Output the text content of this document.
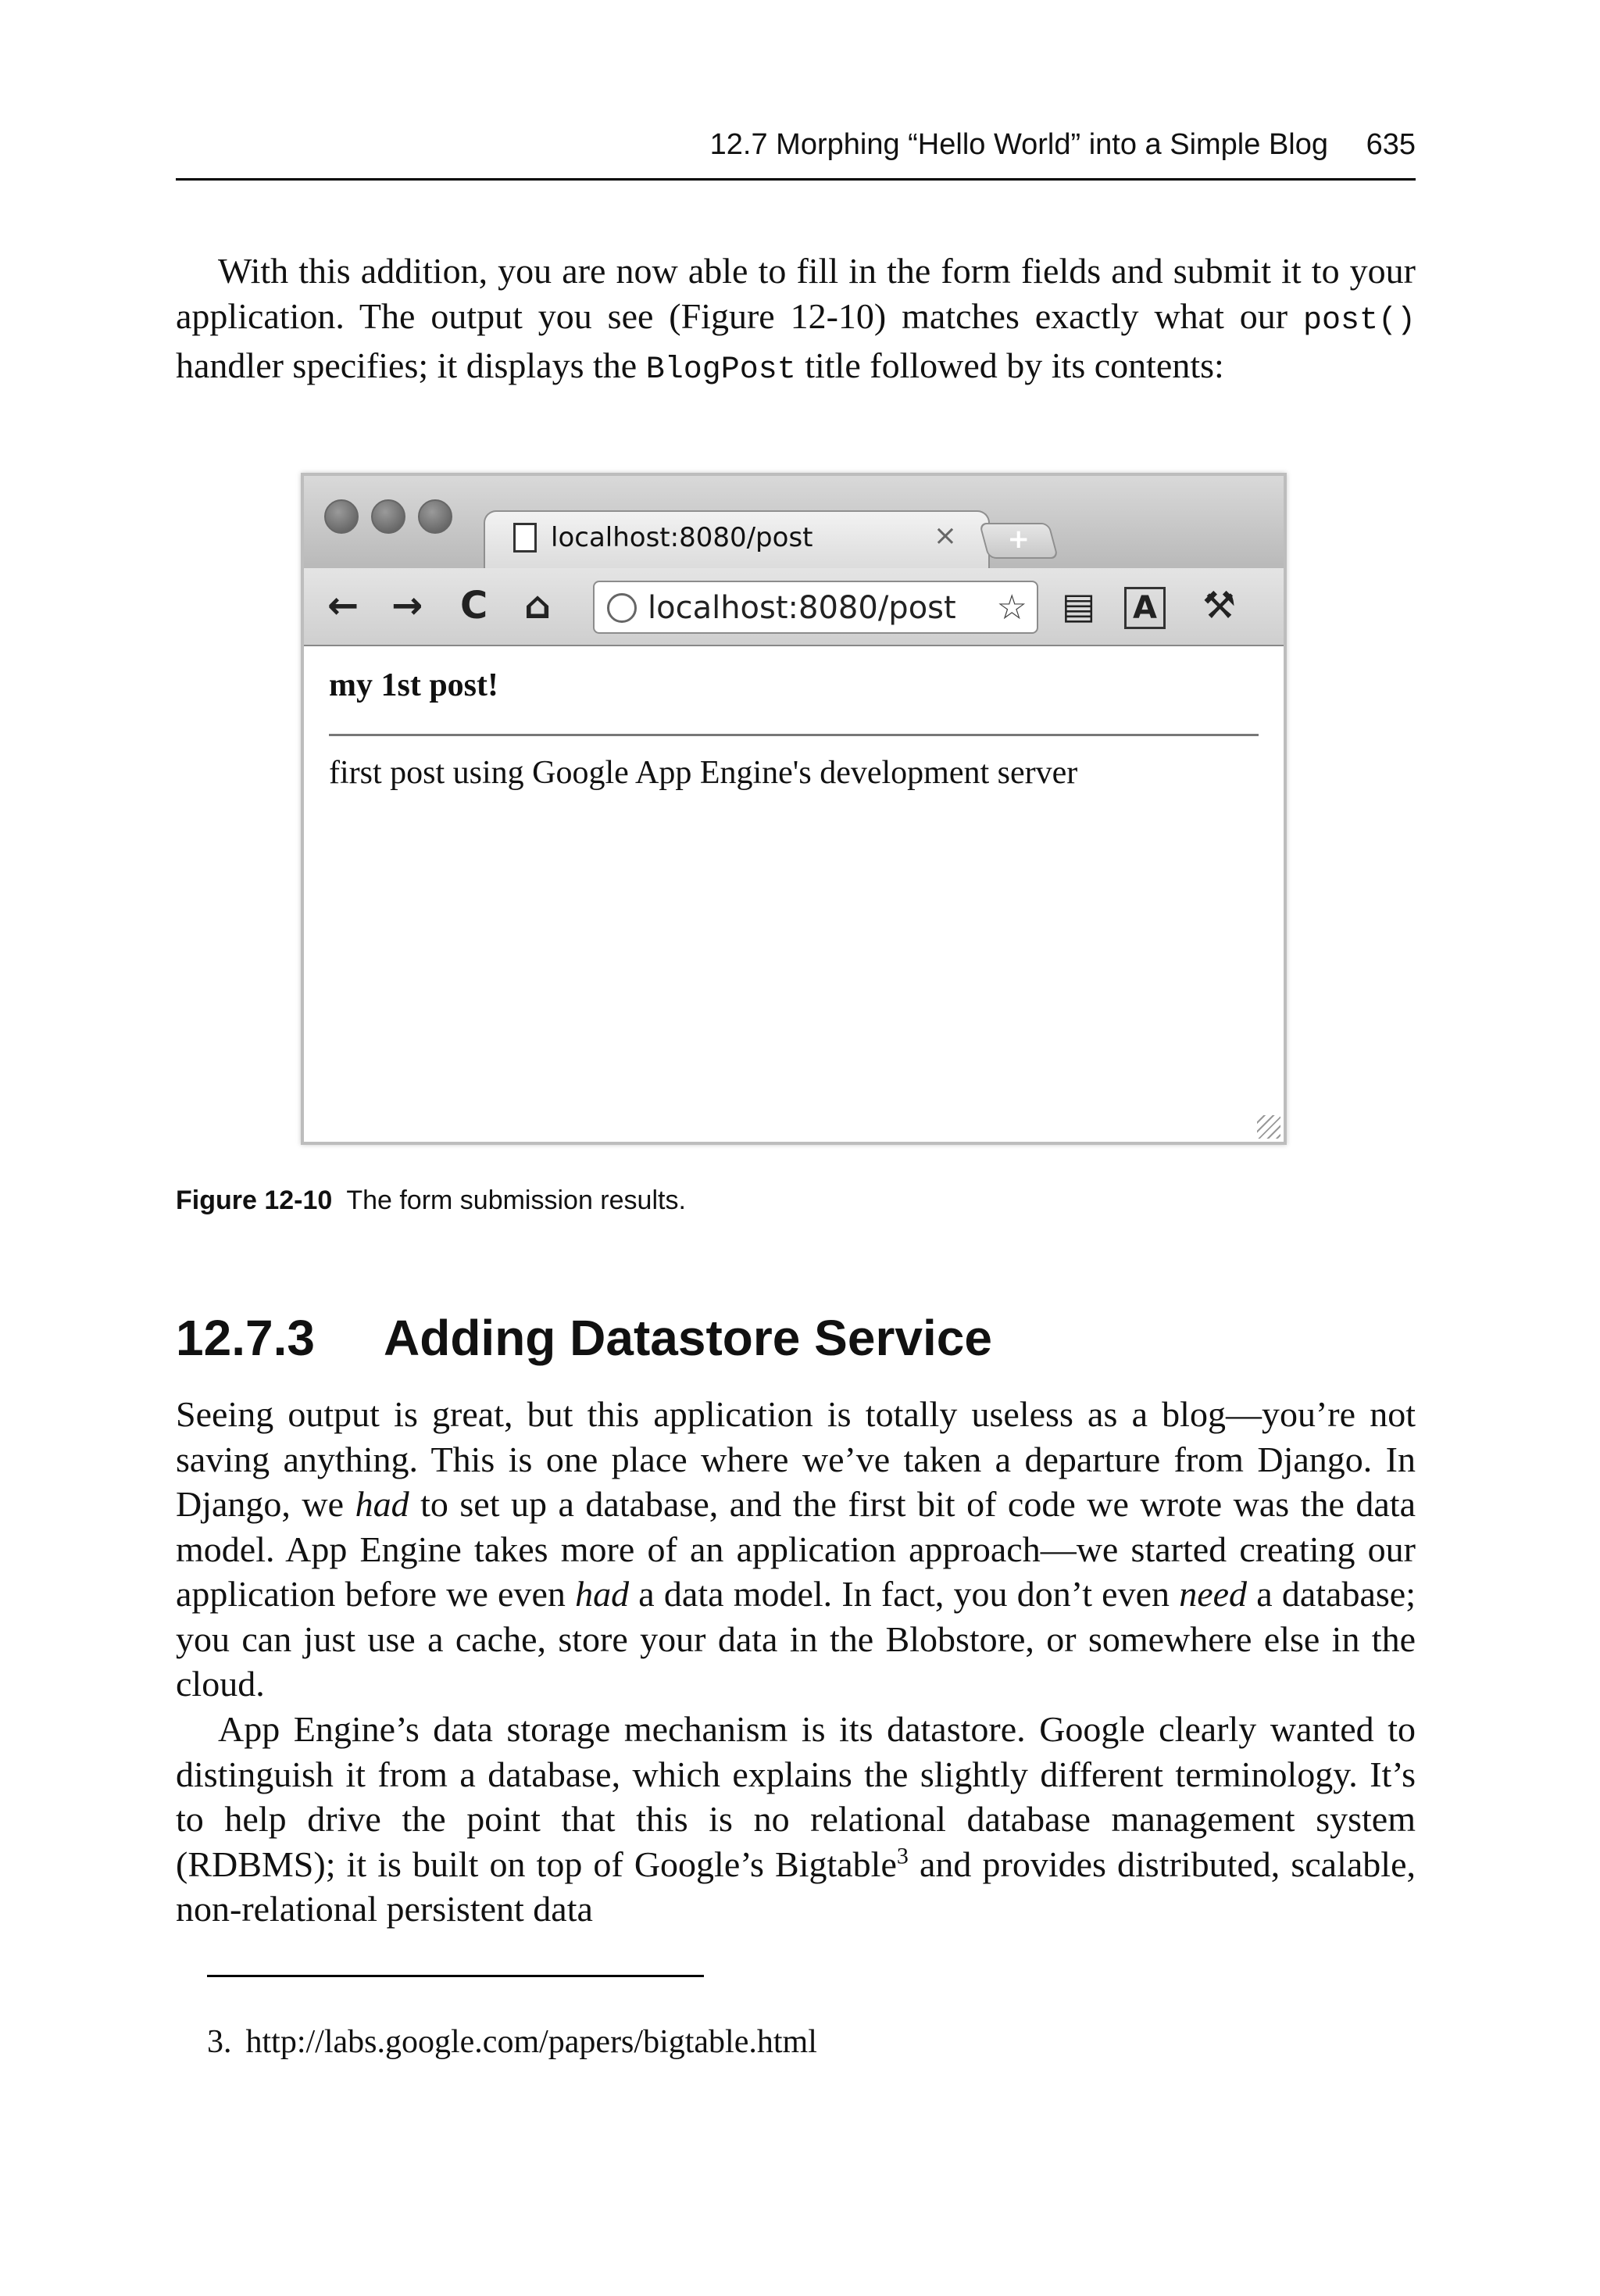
12.7 Morphing “Hello World” into a Simple Blog 635

With this addition, you are now able to fill in the form fields and submit it to your application. The output you see (Figure 12-10) matches exactly what our post() handler specifies; it displays the BlogPost title followed by its contents:

localhost:8080/post	×	+
← → C ⌂
localhost:8080/post	☆ ▤ A ⚒
my 1st post!
first post using Google App Engine's development server
Figure 12-10 The form submission results.
12.7.3 Adding Datastore Service

Seeing output is great, but this application is totally useless as a blog—you’re not saving anything. This is one place where we’ve taken a departure from Django. In Django, we had to set up a database, and the first bit of code we wrote was the data model. App Engine takes more of an application approach—we started creating our application before we even had a data model. In fact, you don’t even need a database; you can just use a cache, store your data in the Blobstore, or somewhere else in the cloud.

App Engine’s data storage mechanism is its datastore. Google clearly wanted to distinguish it from a database, which explains the slightly different terminology. It’s to help drive the point that this is no relational database management system (RDBMS); it is built on top of Google’s Bigtable$^3$ and provides distributed, scalable, non-relational persistent data

3. http://labs.google.com/papers/bigtable.html
